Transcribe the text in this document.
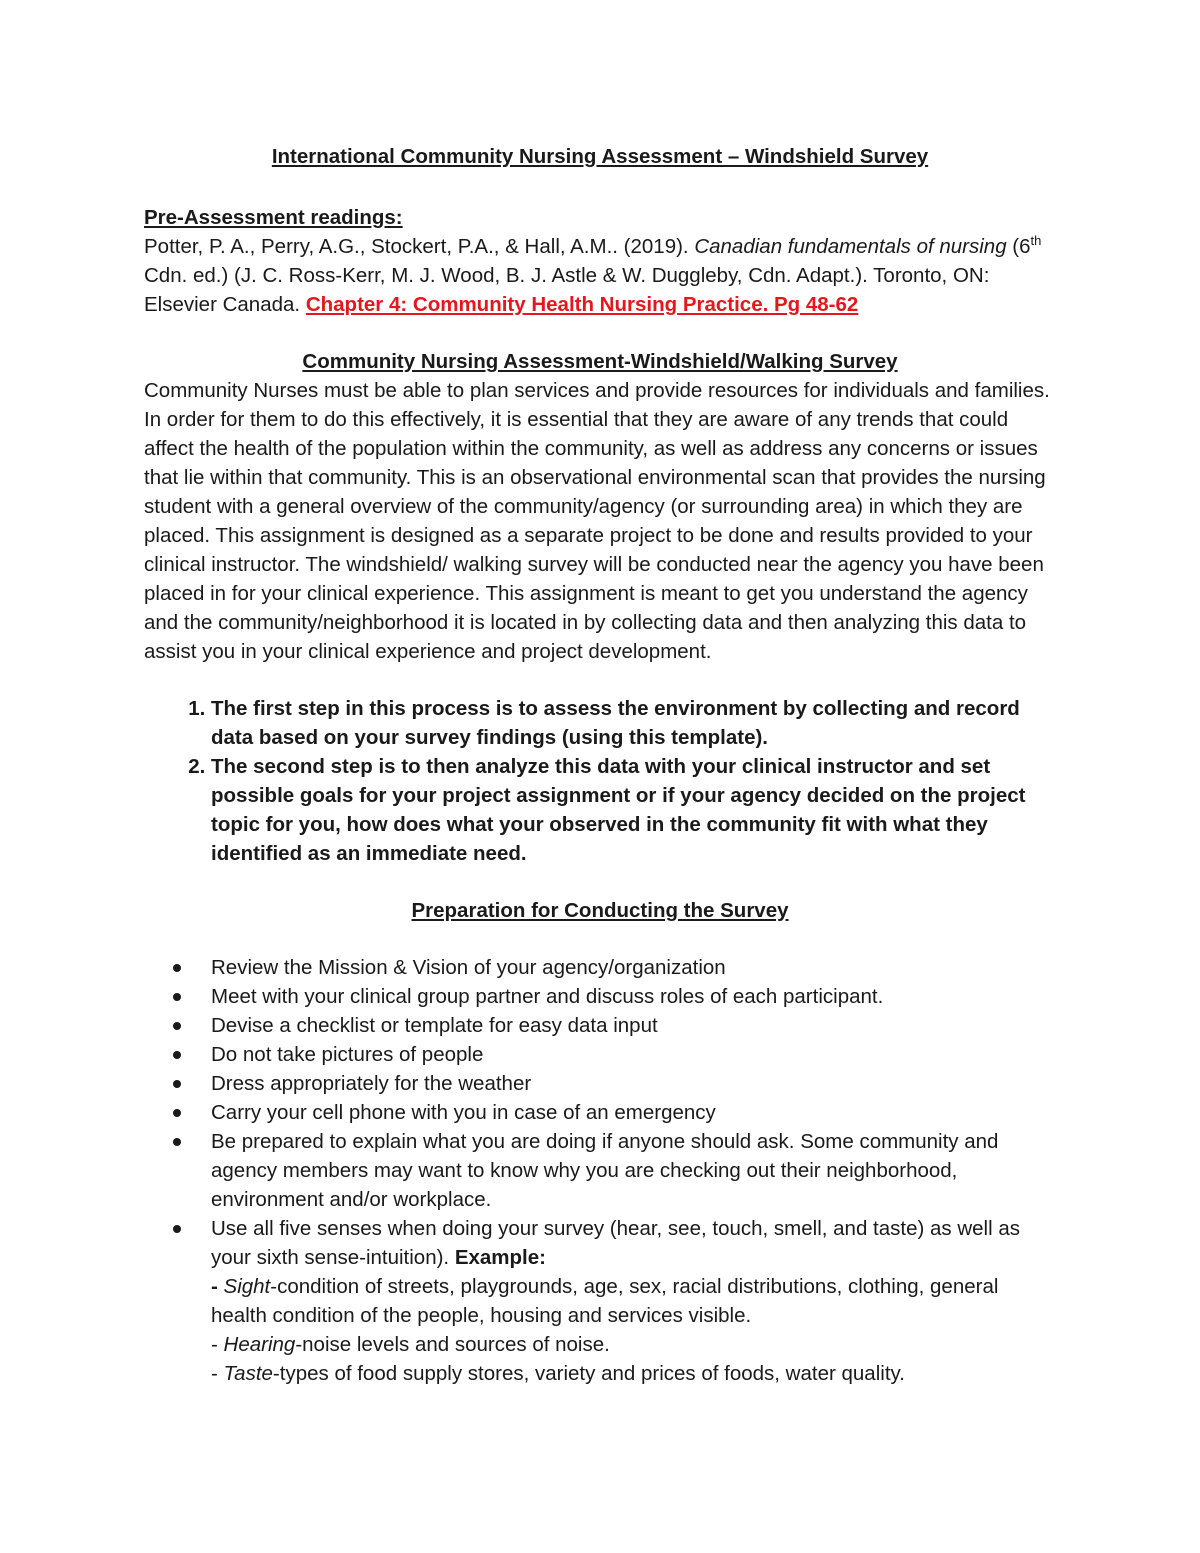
International Community Nursing Assessment – Windshield Survey

Pre-Assessment readings:

Potter, P. A., Perry, A.G., Stockert, P.A., & Hall, A.M.. (2019). Canadian fundamentals of nursing (6th Cdn. ed.) (J. C. Ross-Kerr, M. J. Wood, B. J. Astle & W. Duggleby, Cdn. Adapt.). Toronto, ON: Elsevier Canada. Chapter 4: Community Health Nursing Practice. Pg 48-62

Community Nursing Assessment-Windshield/Walking Survey

Community Nurses must be able to plan services and provide resources for individuals and families. In order for them to do this effectively, it is essential that they are aware of any trends that could affect the health of the population within the community, as well as address any concerns or issues that lie within that community. This is an observational environmental scan that provides the nursing student with a general overview of the community/agency (or surrounding area) in which they are placed. This assignment is designed as a separate project to be done and results provided to your clinical instructor. The windshield/ walking survey will be conducted near the agency you have been placed in for your clinical experience. This assignment is meant to get you understand the agency and the community/neighborhood it is located in by collecting data and then analyzing this data to assist you in your clinical experience and project development.

1. The first step in this process is to assess the environment by collecting and record data based on your survey findings (using this template).
2. The second step is to then analyze this data with your clinical instructor and set possible goals for your project assignment or if your agency decided on the project topic for you, how does what your observed in the community fit with what they identified as an immediate need.

Preparation for Conducting the Survey

Review the Mission & Vision of your agency/organization
Meet with your clinical group partner and discuss roles of each participant.
Devise a checklist or template for easy data input
Do not take pictures of people
Dress appropriately for the weather
Carry your cell phone with you in case of an emergency
Be prepared to explain what you are doing if anyone should ask. Some community and agency members may want to know why you are checking out their neighborhood, environment and/or workplace.
Use all five senses when doing your survey (hear, see, touch, smell, and taste) as well as your sixth sense-intuition). Example:
- Sight-condition of streets, playgrounds, age, sex, racial distributions, clothing, general health condition of the people, housing and services visible.
- Hearing-noise levels and sources of noise.
- Taste-types of food supply stores, variety and prices of foods, water quality.
